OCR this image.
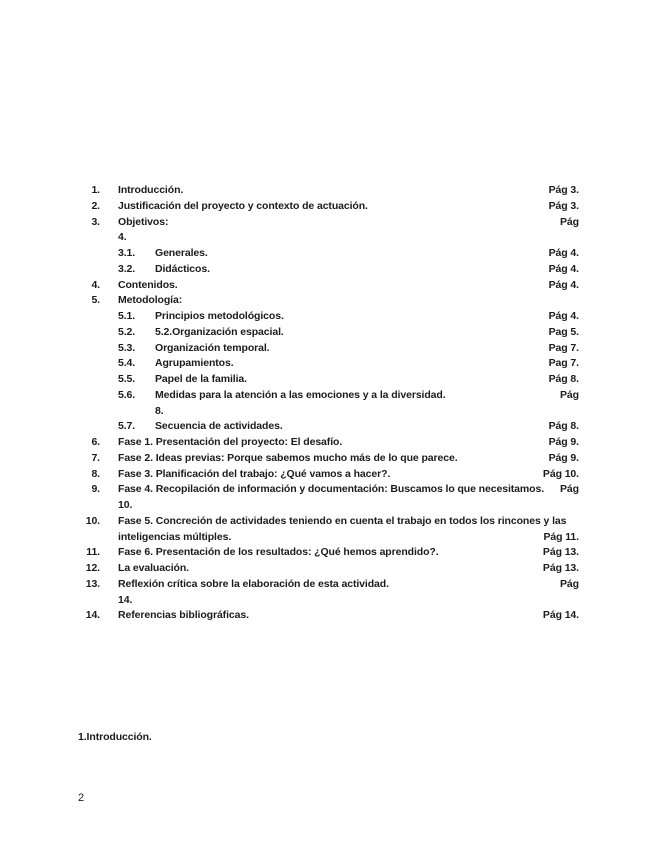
1. Introducción.	Pág 3.
2. Justificación del proyecto y contexto de actuación.	Pág 3.
3. Objetivos:	Pág
4.
3.1.	Generales.	Pág 4.
3.2.	Didácticos.	Pág 4.
4. Contenidos.	Pág 4.
5. Metodología:
5.1.	Principios metodológicos.	Pág 4.
5.2.	5.2.Organización espacial.	Pag 5.
5.3.	Organización temporal.	Pag 7.
5.4.	Agrupamientos.	Pag 7.
5.5.	Papel de la familia.	Pág 8.
5.6.	Medidas para la atención a las emociones y a la diversidad.	Pág
8.
5.7.	Secuencia de actividades.	Pág 8.
6. Fase 1. Presentación del proyecto: El desafío.	Pág 9.
7. Fase 2. Ideas previas: Porque sabemos mucho más de lo que parece.	Pág 9.
8. Fase 3. Planificación del trabajo: ¿Qué vamos a hacer?.	Pág 10.
9. Fase 4. Recopilación de información y documentación: Buscamos lo que necesitamos.	Pág
10.
10. Fase 5. Concreción de actividades teniendo en cuenta el trabajo en todos los rincones y las
inteligencias múltiples.	Pág 11.
11. Fase 6. Presentación de los resultados: ¿Qué hemos aprendido?.	Pág 13.
12. La evaluación.	Pág 13.
13. Reflexión crítica sobre la elaboración de esta actividad.	Pág
14.
14. Referencias bibliográficas.	Pág 14.
1.Introducción.
2
